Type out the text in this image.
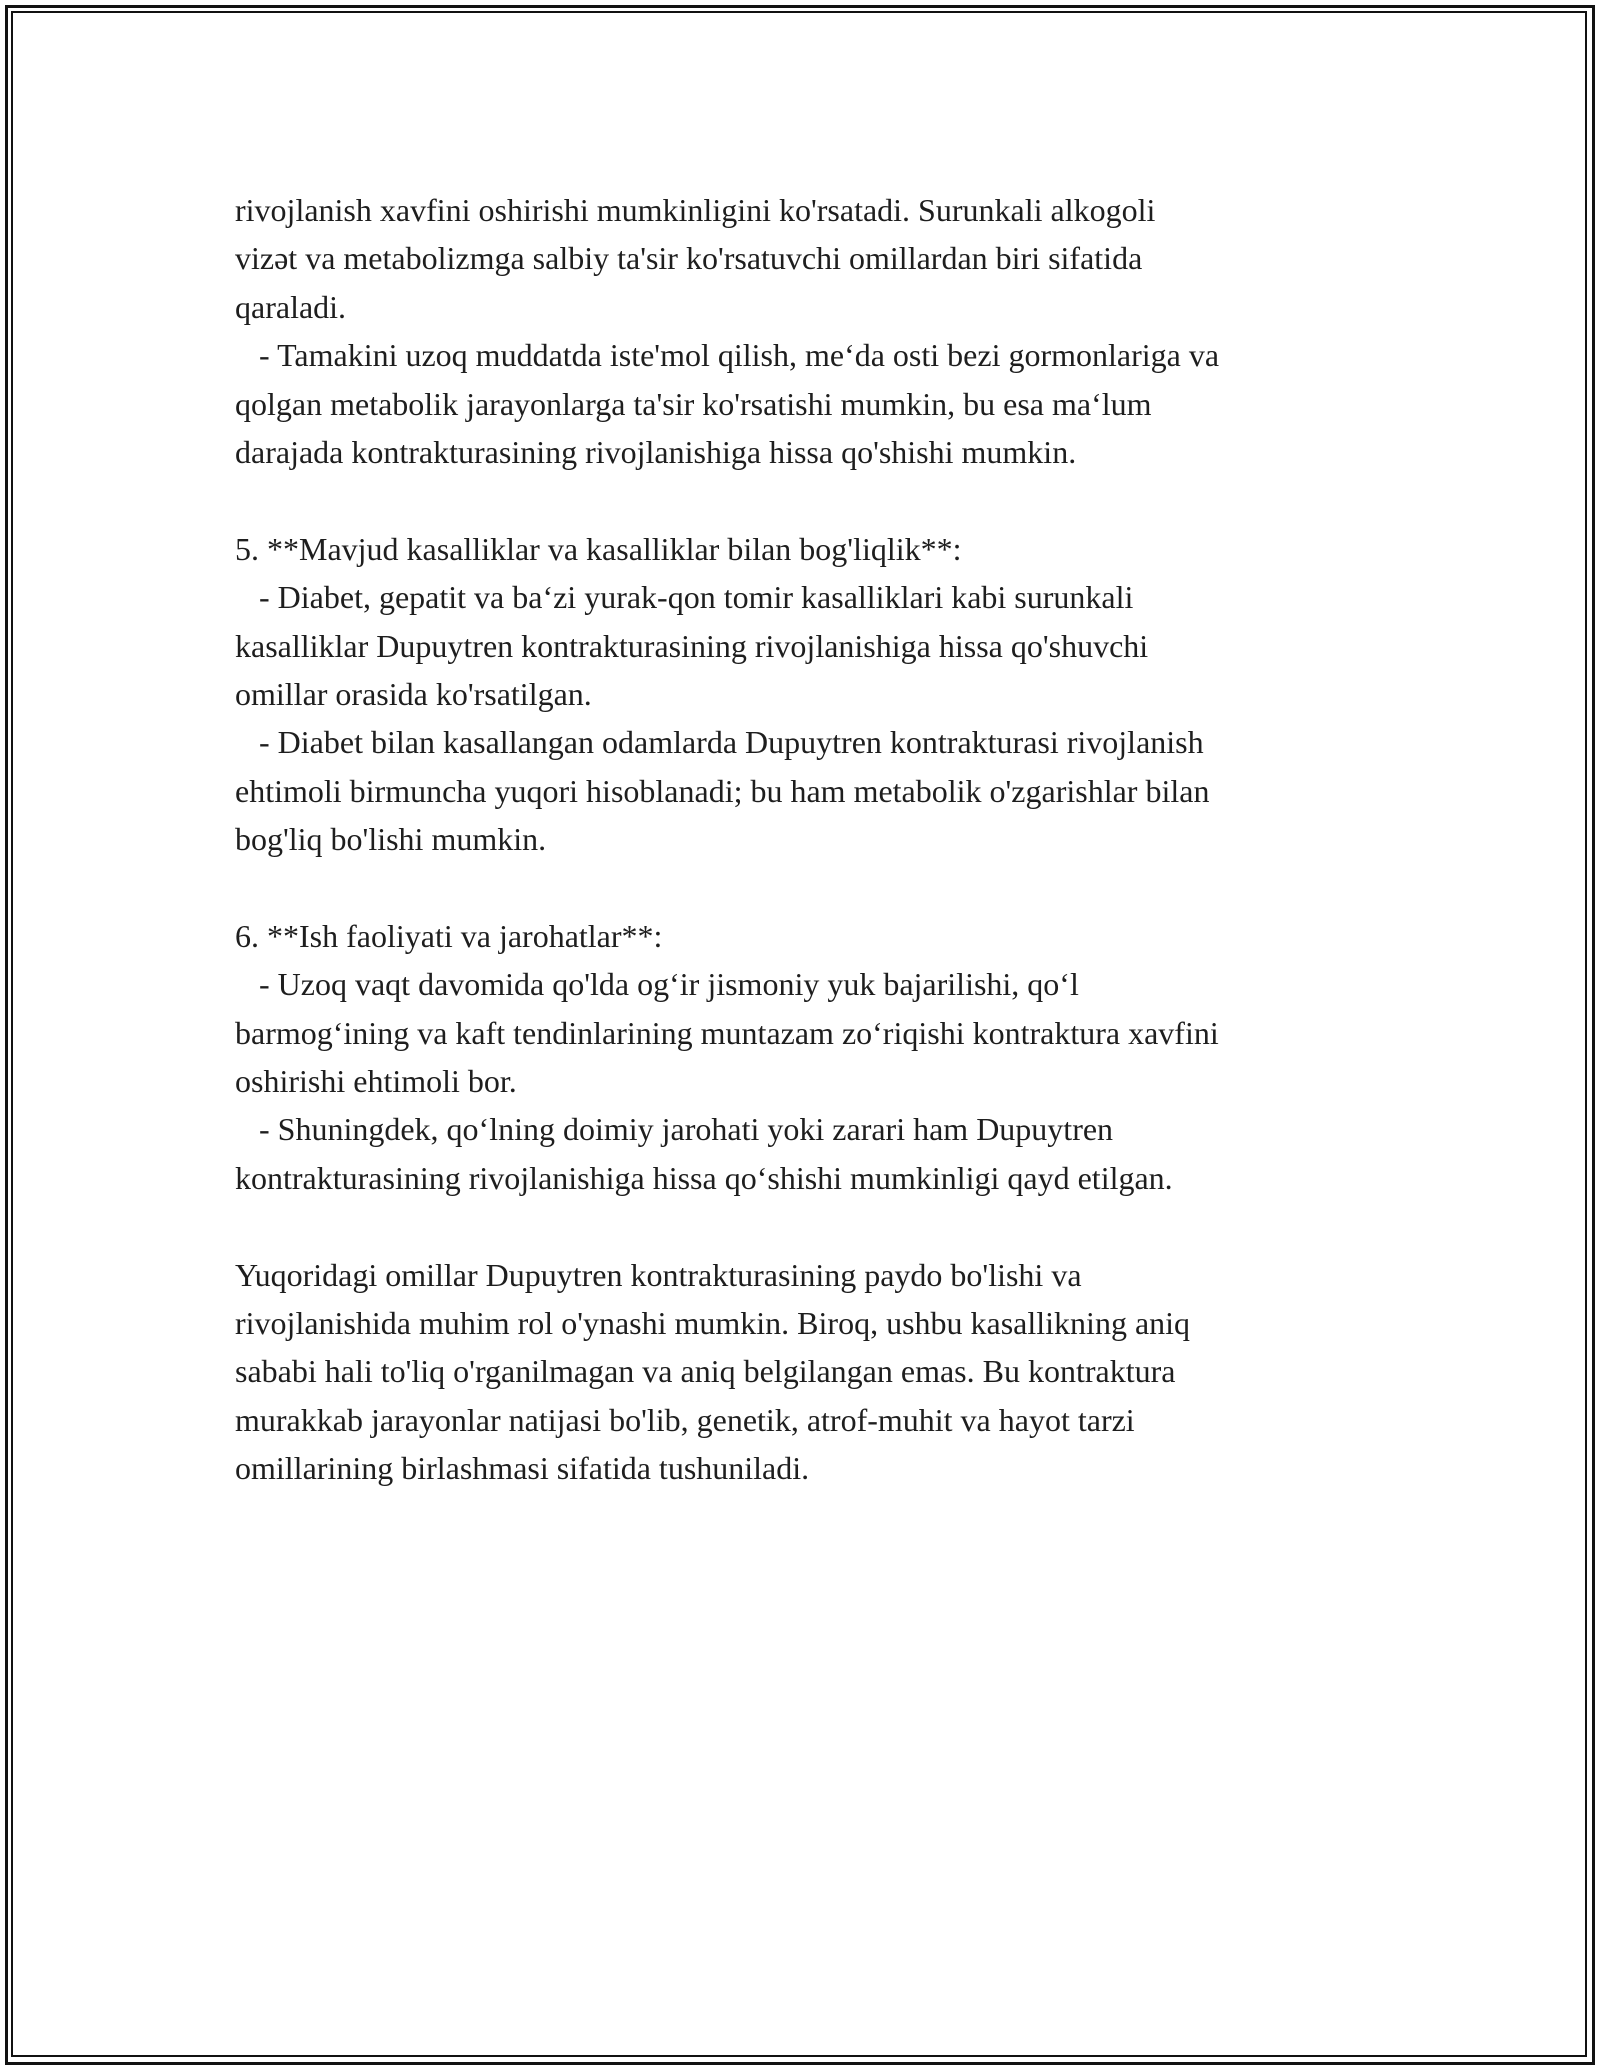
rivojlanish xavfini oshirishi mumkinligini ko'rsatadi. Surunkali alkogoli
vizət va metabolizmga salbiy ta'sir ko'rsatuvchi omillardan biri sifatida
qaraladi.
- Tamakini uzoq muddatda iste'mol qilish, me‘da osti bezi gormonlariga va
qolgan metabolik jarayonlarga ta'sir ko'rsatishi mumkin, bu esa ma‘lum
darajada kontrakturasining rivojlanishiga hissa qo'shishi mumkin.
5. **Mavjud kasalliklar va kasalliklar bilan bog'liqlik**:
- Diabet, gepatit va ba‘zi yurak-qon tomir kasalliklari kabi surunkali
kasalliklar Dupuytren kontrakturasining rivojlanishiga hissa qo'shuvchi
omillar orasida ko'rsatilgan.
- Diabet bilan kasallangan odamlarda Dupuytren kontrakturasi rivojlanish
ehtimoli birmuncha yuqori hisoblanadi; bu ham metabolik o'zgarishlar bilan
bog'liq bo'lishi mumkin.
6. **Ish faoliyati va jarohatlar**:
- Uzoq vaqt davomida qo'lda og‘ir jismoniy yuk bajarilishi, qo‘l
barmog‘ining va kaft tendinlarining muntazam zo‘riqishi kontraktura xavfini
oshirishi ehtimoli bor.
- Shuningdek, qo‘lning doimiy jarohati yoki zarari ham Dupuytren
kontrakturasining rivojlanishiga hissa qo‘shishi mumkinligi qayd etilgan.
Yuqoridagi omillar Dupuytren kontrakturasining paydo bo'lishi va
rivojlanishida muhim rol o'ynashi mumkin. Biroq, ushbu kasallikning aniq
sababi hali to'liq o'rganilmagan va aniq belgilangan emas. Bu kontraktura
murakkab jarayonlar natijasi bo'lib, genetik, atrof-muhit va hayot tarzi
omillarining birlashmasi sifatida tushuniladi.
